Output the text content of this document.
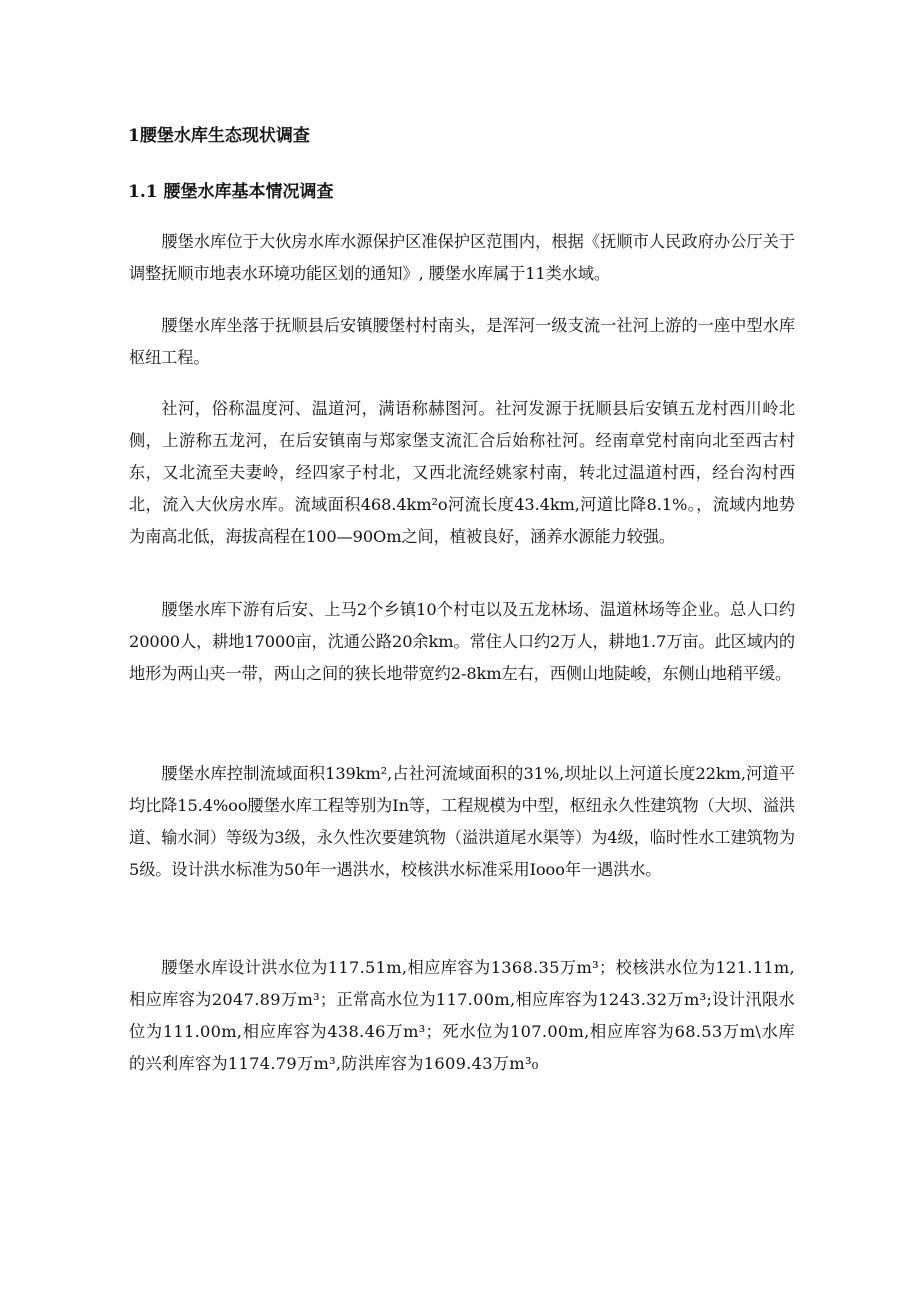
1腰堡水库生态现状调查
1.1 腰堡水库基本情况调查

腰堡水库位于大伙房水库水源保护区准保护区范围内，根据《抚顺市人民政府办公厅关于调整抚顺市地表水环境功能区划的通知》, 腰堡水库属于11类水域。

腰堡水库坐落于抚顺县后安镇腰堡村村南头，是浑河一级支流一社河上游的一座中型水库枢纽工程。

社河，俗称温度河、温道河，满语称赫图河。社河发源于抚顺县后安镇五龙村西川岭北侧，上游称五龙河，在后安镇南与郑家堡支流汇合后始称社河。经南章党村南向北至西古村东，又北流至夫妻岭，经四家子村北，又西北流经姚家村南，转北过温道村西，经台沟村西北，流入大伙房水库。流域面积468.4km²o河流长度43.4km,河道比降8.1%。，流域内地势为南高北低，海拔高程在100—90Om之间，植被良好，涵养水源能力较强。

腰堡水库下游有后安、上马2个乡镇10个村屯以及五龙林场、温道林场等企业。总人口约20000人，耕地17000亩，沈通公路20余km。常住人口约2万人，耕地1.7万亩。此区域内的地形为两山夹一带，两山之间的狭长地带宽约2-8km左右，西侧山地陡峻，东侧山地稍平缓。

腰堡水库控制流域面积139km²,占社河流域面积的31%,坝址以上河道长度22km,河道平均比降15.4%oo腰堡水库工程等别为In等，工程规模为中型，枢纽永久性建筑物（大坝、溢洪道、输水洞）等级为3级，永久性次要建筑物（溢洪道尾水渠等）为4级，临时性水工建筑物为5级。设计洪水标准为50年一遇洪水，校核洪水标准采用Iooo年一遇洪水。

腰堡水库设计洪水位为117.51m,相应库容为1368.35万m³；校核洪水位为121.11m,相应库容为2047.89万m³；正常高水位为117.00m,相应库容为1243.32万m³;设计汛限水位为111.00m,相应库容为438.46万m³；死水位为107.00m,相应库容为68.53万m\水库的兴利库容为1174.79万m³,防洪库容为1609.43万m³₀
